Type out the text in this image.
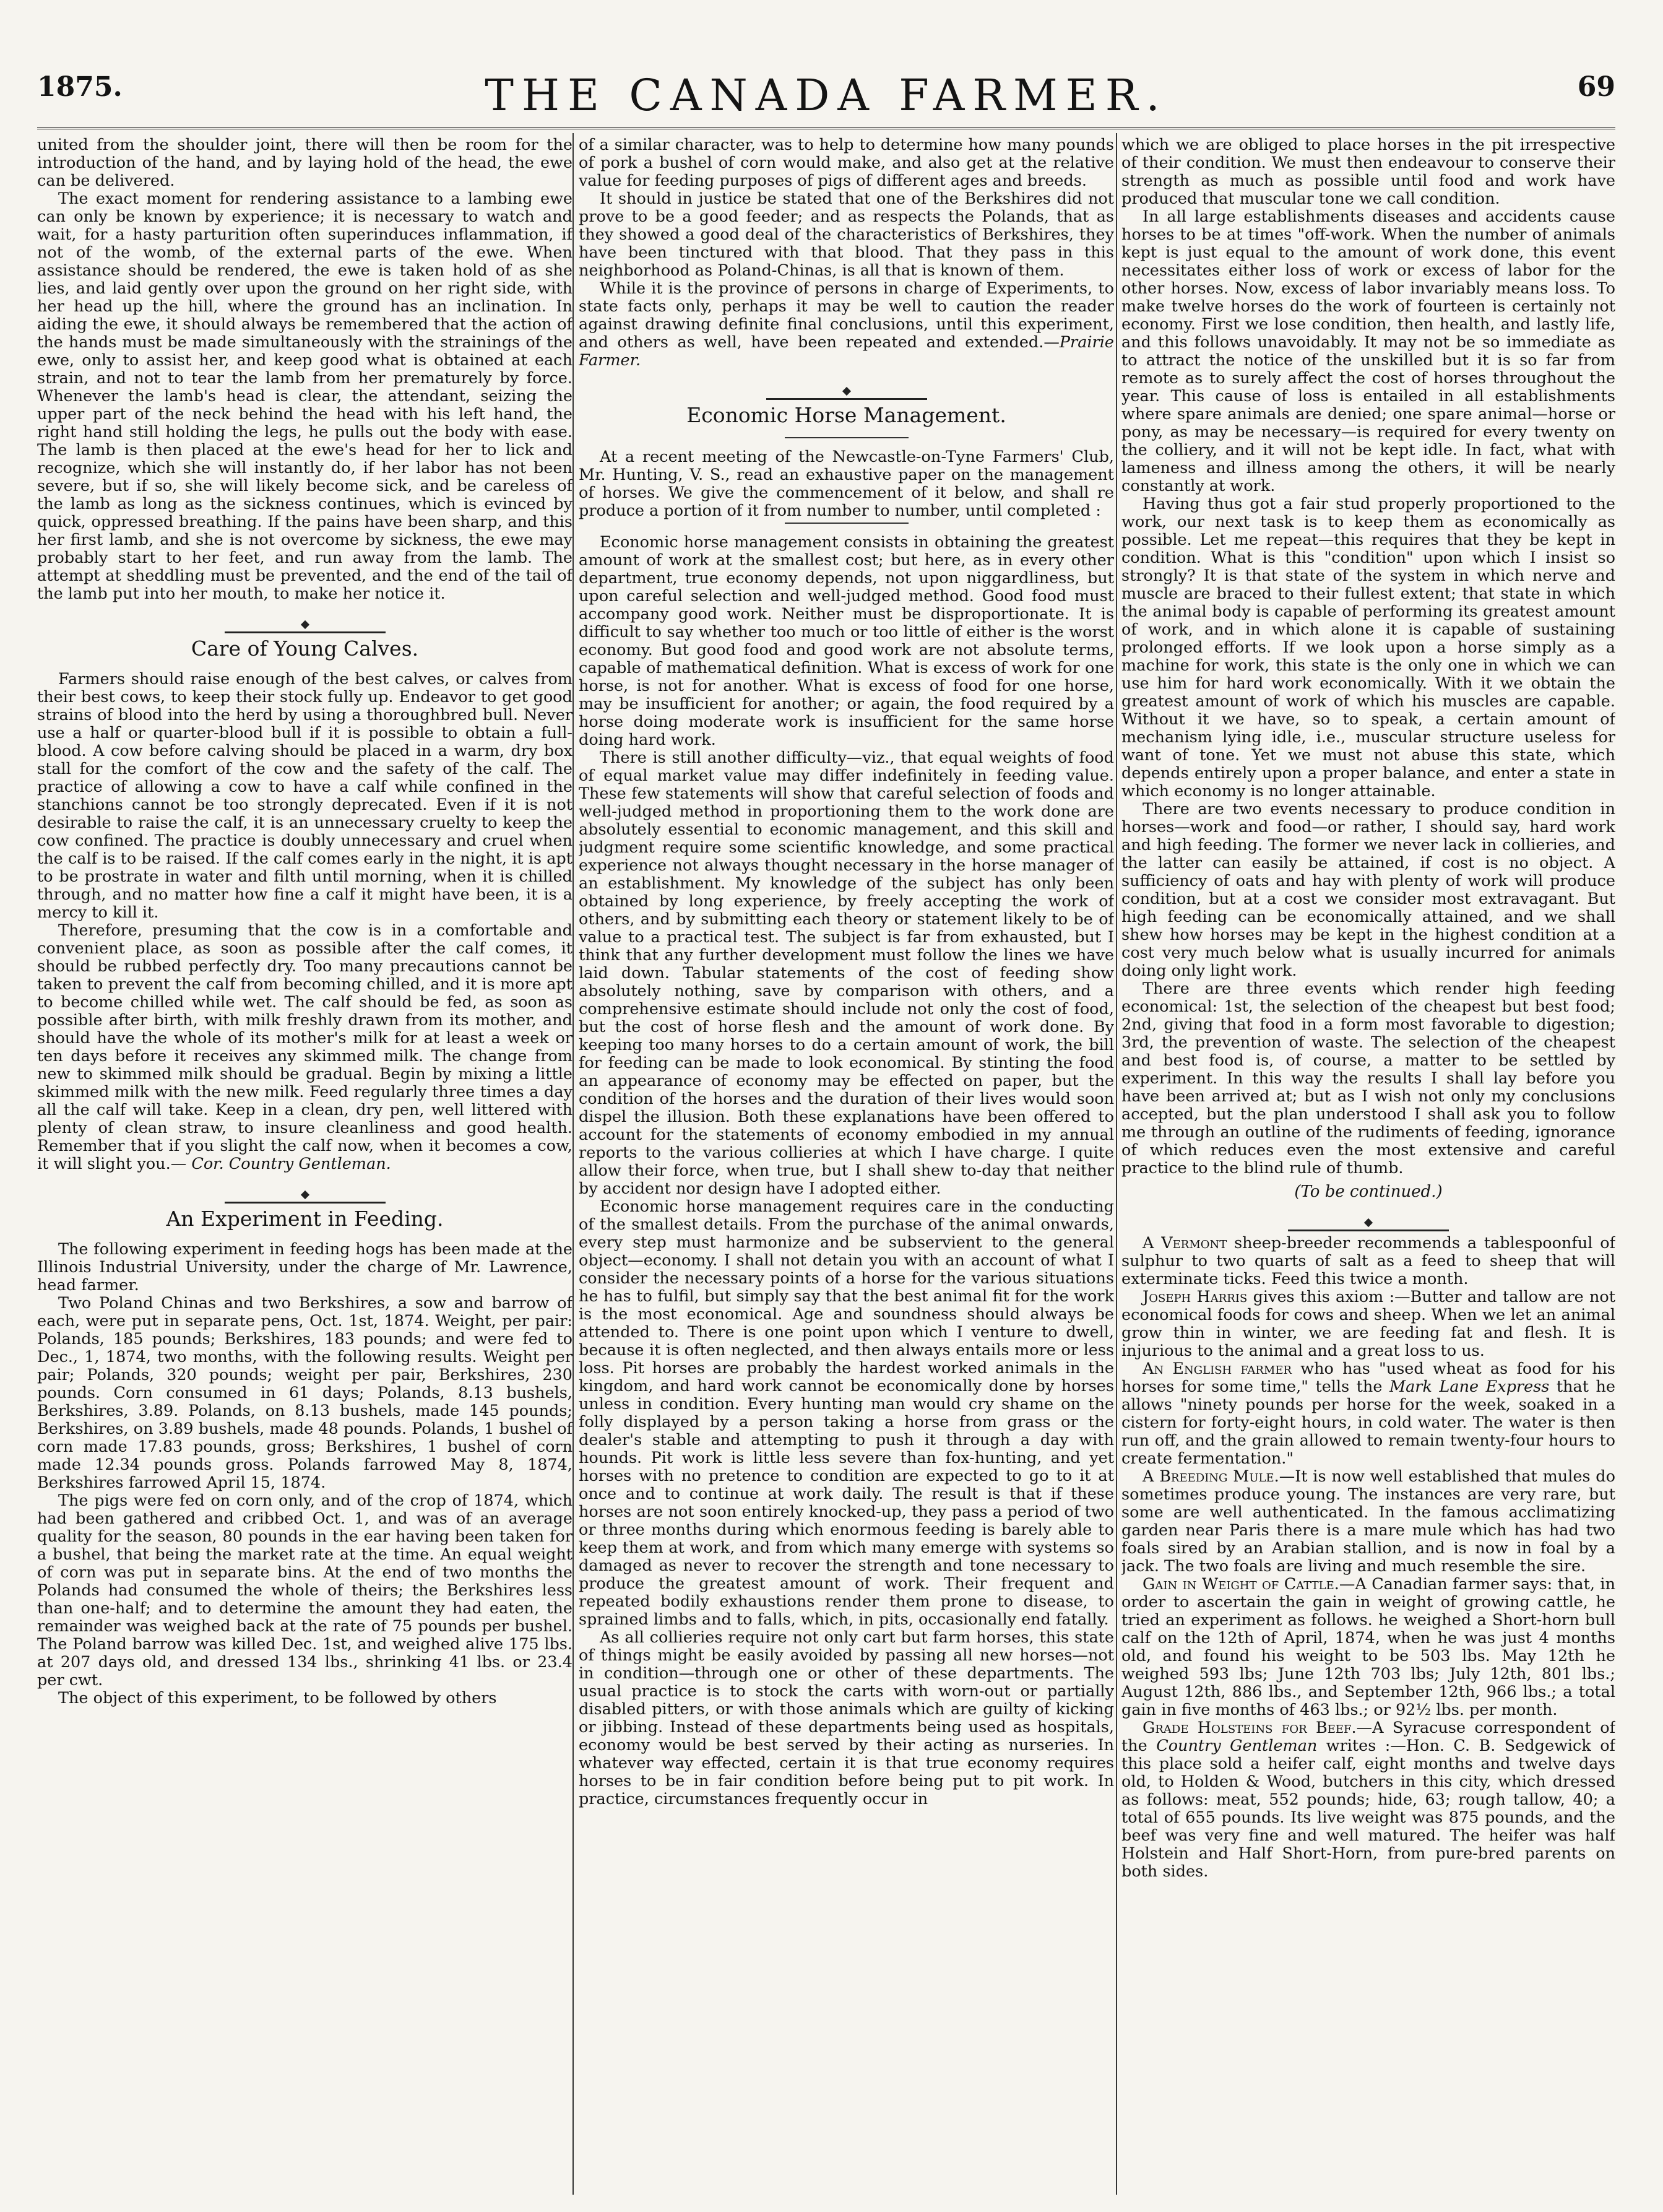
1875.	THE CANADA FARMER.	69

united from the shoulder joint, there will then be room for the introduction of the hand, and by laying hold of the head, the ewe can be delivered.

The exact moment for rendering assistance to a lambing ewe can only be known by experience; it is necessary to watch and wait, for a hasty parturition often superinduces inflammation, if not of the womb, of the external parts of the ewe. When assistance should be rendered, the ewe is taken hold of as she lies, and laid gently over upon the ground on her right side, with her head up the hill, where the ground has an inclination. In aiding the ewe, it should always be remembered that the action of the hands must be made simultaneously with the strainings of the ewe, only to assist her, and keep good what is obtained at each strain, and not to tear the lamb from her prematurely by force. Whenever the lamb's head is clear, the attendant, seizing the upper part of the neck behind the head with his left hand, the right hand still holding the legs, he pulls out the body with ease. The lamb is then placed at the ewe's head for her to lick and recognize, which she will instantly do, if her labor has not been severe, but if so, she will likely become sick, and be careless of the lamb as long as the sickness continues, which is evinced by quick, oppressed breathing. If the pains have been sharp, and this her first lamb, and she is not overcome by sickness, the ewe may probably start to her feet, and run away from the lamb. The attempt at sheddling must be prevented, and the end of the tail of the lamb put into her mouth, to make her notice it.

Care of Young Calves.

Farmers should raise enough of the best calves, or calves from their best cows, to keep their stock fully up. Endeavor to get good strains of blood into the herd by using a thoroughbred bull. Never use a half or quarter-blood bull if it is possible to obtain a full-blood. A cow before calving should be placed in a warm, dry box stall for the comfort of the cow and the safety of the calf. The practice of allowing a cow to have a calf while confined in the stanchions cannot be too strongly deprecated. Even if it is not desirable to raise the calf, it is an unnecessary cruelty to keep the cow confined. The practice is doubly unnecessary and cruel when the calf is to be raised. If the calf comes early in the night, it is apt to be prostrate in water and filth until morning, when it is chilled through, and no matter how fine a calf it might have been, it is a mercy to kill it.

Therefore, presuming that the cow is in a comfortable and convenient place, as soon as possible after the calf comes, it should be rubbed perfectly dry. Too many precautions cannot be taken to prevent the calf from becoming chilled, and it is more apt to become chilled while wet. The calf should be fed, as soon as possible after birth, with milk freshly drawn from its mother, and should have the whole of its mother's milk for at least a week or ten days before it receives any skimmed milk. The change from new to skimmed milk should be gradual. Begin by mixing a little skimmed milk with the new milk. Feed regularly three times a day all the calf will take. Keep in a clean, dry pen, well littered with plenty of clean straw, to insure cleanliness and good health. Remember that if you slight the calf now, when it becomes a cow, it will slight you.— Cor. Country Gentleman.

An Experiment in Feeding.

The following experiment in feeding hogs has been made at the Illinois Industrial University, under the charge of Mr. Lawrence, head farmer.

Two Poland Chinas and two Berkshires, a sow and barrow of each, were put in separate pens, Oct. 1st, 1874. Weight, per pair: Polands, 185 pounds; Berkshires, 183 pounds; and were fed to Dec., 1, 1874, two months, with the following results. Weight per pair; Polands, 320 pounds; weight per pair, Berkshires, 230 pounds. Corn consumed in 61 days; Polands, 8.13 bushels, Berkshires, 3.89. Polands, on 8.13 bushels, made 145 pounds; Berkshires, on 3.89 bushels, made 48 pounds. Polands, 1 bushel of corn made 17.83 pounds, gross; Berkshires, 1 bushel of corn made 12.34 pounds gross. Polands farrowed May 8, 1874, Berkshires farrowed April 15, 1874.

The pigs were fed on corn only, and of the crop of 1874, which had been gathered and cribbed Oct. 1, and was of an average quality for the season, 80 pounds in the ear having been taken for a bushel, that being the market rate at the time. An equal weight of corn was put in separate bins. At the end of two months the Polands had consumed the whole of theirs; the Berkshires less than one-half; and to determine the amount they had eaten, the remainder was weighed back at the rate of 75 pounds per bushel. The Poland barrow was killed Dec. 1st, and weighed alive 175 lbs. at 207 days old, and dressed 134 lbs., shrinking 41 lbs. or 23.4 per cwt.

The object of this experiment, to be followed by others

of a similar character, was to help to determine how many pounds of pork a bushel of corn would make, and also get at the relative value for feeding purposes of pigs of different ages and breeds.

It should in justice be stated that one of the Berkshires did not prove to be a good feeder; and as respects the Polands, that as they showed a good deal of the characteristics of Berkshires, they have been tinctured with that blood. That they pass in this neighborhood as Poland-Chinas, is all that is known of them.

While it is the province of persons in charge of Experiments, to state facts only, perhaps it may be well to caution the reader against drawing definite final conclusions, until this experiment, and others as well, have been repeated and extended.—Prairie Farmer.

Economic Horse Management.

At a recent meeting of the Newcastle-on-Tyne Farmers' Club, Mr. Hunting, V. S., read an exhaustive paper on the management of horses. We give the commencement of it below, and shall re produce a portion of it from number to number, until completed :

Economic horse management consists in obtaining the greatest amount of work at the smallest cost; but here, as in every other department, true economy depends, not upon niggardliness, but upon careful selection and well-judged method. Good food must accompany good work. Neither must be disproportionate. It is difficult to say whether too much or too little of either is the worst economy. But good food and good work are not absolute terms, capable of mathematical definition. What is excess of work for one horse, is not for another. What is excess of food for one horse, may be insufficient for another; or again, the food required by a horse doing moderate work is insufficient for the same horse doing hard work.

There is still another difficulty—viz., that equal weights of food of equal market value may differ indefinitely in feeding value. These few statements will show that careful selection of foods and well-judged method in proportioning them to the work done are absolutely essential to economic management, and this skill and judgment require some scientific knowledge, and some practical experience not always thought necessary in the horse manager of an establishment. My knowledge of the subject has only been obtained by long experience, by freely accepting the work of others, and by submitting each theory or statement likely to be of value to a practical test. The subject is far from exhausted, but I think that any further development must follow the lines we have laid down. Tabular statements of the cost of feeding show absolutely nothing, save by comparison with others, and a comprehensive estimate should include not only the cost of food, but the cost of horse flesh and the amount of work done. By keeping too many horses to do a certain amount of work, the bill for feeding can be made to look economical. By stinting the food an appearance of economy may be effected on paper, but the condition of the horses and the duration of their lives would soon dispel the illusion. Both these explanations have been offered to account for the statements of economy embodied in my annual reports to the various collieries at which I have charge. I quite allow their force, when true, but I shall shew to-day that neither by accident nor design have I adopted either.

Economic horse management requires care in the conducting of the smallest details. From the purchase of the animal onwards, every step must harmonize and be subservient to the general object—economy. I shall not detain you with an account of what I consider the necessary points of a horse for the various situations he has to fulfil, but simply say that the best animal fit for the work is the most economical. Age and soundness should always be attended to. There is one point upon which I venture to dwell, because it is often neglected, and then always entails more or less loss. Pit horses are probably the hardest worked animals in the kingdom, and hard work cannot be economically done by horses unless in condition. Every hunting man would cry shame on the folly displayed by a person taking a horse from grass or the dealer's stable and attempting to push it through a day with hounds. Pit work is little less severe than fox-hunting, and yet horses with no pretence to condition are expected to go to it at once and to continue at work daily. The result is that if these horses are not soon entirely knocked-up, they pass a period of two or three months during which enormous feeding is barely able to keep them at work, and from which many emerge with systems so damaged as never to recover the strength and tone necessary to produce the greatest amount of work. Their frequent and repeated bodily exhaustions render them prone to disease, to sprained limbs and to falls, which, in pits, occasionally end fatally.

As all collieries require not only cart but farm horses, this state of things might be easily avoided by passing all new horses—not in condition—through one or other of these departments. The usual practice is to stock the carts with worn-out or partially disabled pitters, or with those animals which are guilty of kicking or jibbing. Instead of these departments being used as hospitals, economy would be best served by their acting as nurseries. In whatever way effected, certain it is that true economy requires horses to be in fair condition before being put to pit work. In practice, circumstances frequently occur in

which we are obliged to place horses in the pit irrespective of their condition. We must then endeavour to conserve their strength as much as possible until food and work have produced that muscular tone we call condition.

In all large establishments diseases and accidents cause horses to be at times "off-work. When the number of animals kept is just equal to the amount of work done, this event necessitates either loss of work or excess of labor for the other horses. Now, excess of labor invariably means loss. To make twelve horses do the work of fourteen is certainly not economy. First we lose condition, then health, and lastly life, and this follows unavoidably. It may not be so immediate as to attract the notice of the unskilled but it is so far from remote as to surely affect the cost of horses throughout the year. This cause of loss is entailed in all establishments where spare animals are denied; one spare animal—horse or pony, as may be necessary—is required for every twenty on the colliery, and it will not be kept idle. In fact, what with lameness and illness among the others, it will be nearly constantly at work.

Having thus got a fair stud properly proportioned to the work, our next task is to keep them as economically as possible. Let me repeat—this requires that they be kept in condition. What is this "condition" upon which I insist so strongly? It is that state of the system in which nerve and muscle are braced to their fullest extent; that state in which the animal body is capable of performing its greatest amount of work, and in which alone it is capable of sustaining prolonged efforts. If we look upon a horse simply as a machine for work, this state is the only one in which we can use him for hard work economically. With it we obtain the greatest amount of work of which his muscles are capable. Without it we have, so to speak, a certain amount of mechanism lying idle, i.e., muscular structure useless for want of tone. Yet we must not abuse this state, which depends entirely upon a proper balance, and enter a state in which economy is no longer attainable.

There are two events necessary to produce condition in horses—work and food—or rather, I should say, hard work and high feeding. The former we never lack in collieries, and the latter can easily be attained, if cost is no object. A sufficiency of oats and hay with plenty of work will produce condition, but at a cost we consider most extravagant. But high feeding can be economically attained, and we shall shew how horses may be kept in the highest condition at a cost very much below what is usually incurred for animals doing only light work.

There are three events which render high feeding economical: 1st, the selection of the cheapest but best food; 2nd, giving that food in a form most favorable to digestion; 3rd, the prevention of waste. The selection of the cheapest and best food is, of course, a matter to be settled by experiment. In this way the results I shall lay before you have been arrived at; but as I wish not only my conclusions accepted, but the plan understood I shall ask you to follow me through an outline of the rudiments of feeding, ignorance of which reduces even the most extensive and careful practice to the blind rule of thumb.

(To be continued.)

A Vermont sheep-breeder recommends a tablespoonful of sulphur to two quarts of salt as a feed to sheep that will exterminate ticks. Feed this twice a month.

Joseph Harris gives this axiom :—Butter and tallow are not economical foods for cows and sheep. When we let an animal grow thin in winter, we are feeding fat and flesh. It is injurious to the animal and a great loss to us.

An English farmer who has "used wheat as food for his horses for some time," tells the Mark Lane Express that he allows "ninety pounds per horse for the week, soaked in a cistern for forty-eight hours, in cold water. The water is then run off, and the grain allowed to remain twenty-four hours to create fermentation."

A Breeding Mule.—It is now well established that mules do sometimes produce young. The instances are very rare, but some are well authenticated. In the famous acclimatizing garden near Paris there is a mare mule which has had two foals sired by an Arabian stallion, and is now in foal by a jack. The two foals are living and much resemble the sire.

Gain in Weight of Cattle.—A Canadian farmer says: that, in order to ascertain the gain in weight of growing cattle, he tried an experiment as follows. he weighed a Short-horn bull calf on the 12th of April, 1874, when he was just 4 months old, and found his weight to be 503 lbs. May 12th he weighed 593 lbs; June 12th 703 lbs; July 12th, 801 lbs.; August 12th, 886 lbs., and September 12th, 966 lbs.; a total gain in five months of 463 lbs.; or 92½ lbs. per month.

Grade Holsteins for Beef.—A Syracuse correspondent of the Country Gentleman writes :—Hon. C. B. Sedgewick of this place sold a heifer calf, eight months and twelve days old, to Holden & Wood, butchers in this city, which dressed as follows: meat, 552 pounds; hide, 63; rough tallow, 40; a total of 655 pounds. Its live weight was 875 pounds, and the beef was very fine and well matured. The heifer was half Holstein and Half Short-Horn, from pure-bred parents on both sides.
